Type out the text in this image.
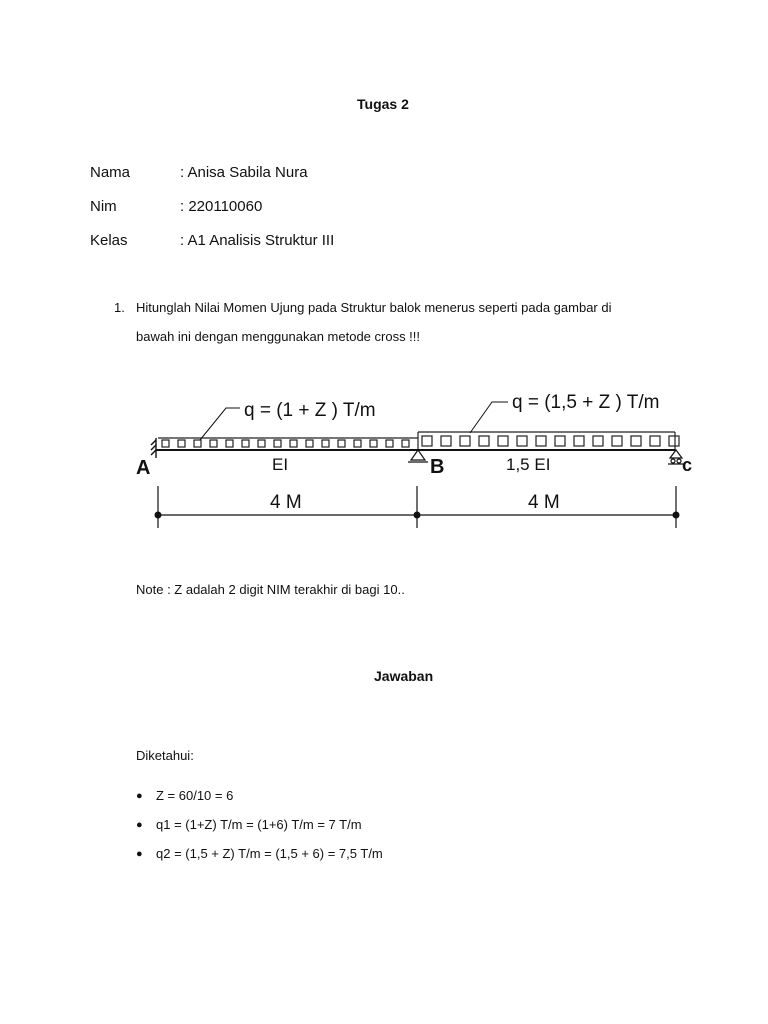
Tugas 2
Nama	: Anisa Sabila Nura
Nim	: 220110060
Kelas	: A1 Analisis Struktur III
1. Hitunglah Nilai Momen Ujung pada Struktur balok menerus seperti pada gambar di
bawah ini dengan menggunakan metode cross !!!
q = (1 + Z ) T/m	q = (1,5 + Z ) T/m
A	B	c
EI	1,5 EI
4 M	4 M
Note : Z adalah 2 digit NIM terakhir di bagi 10..
Jawaban
Diketahui:
● Z = 60/10 = 6
● q1 = (1+Z) T/m = (1+6) T/m = 7 T/m
● q2 = (1,5 + Z) T/m = (1,5 + 6) = 7,5 T/m
